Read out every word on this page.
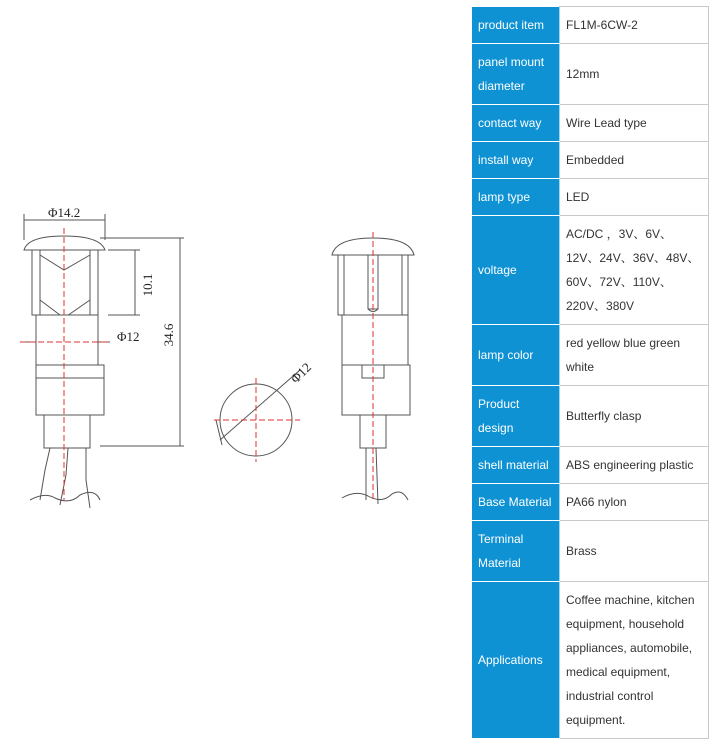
Φ14.2
Φ12
10.1
34.6
Φ12
product item	FL1M-6CW-2
panel mount diameter	12mm
contact way	Wire Lead type
install way	Embedded
lamp type	LED
voltage	AC/DC ，3V、6V、12V、24V、36V、48V、60V、72V、110V、220V、380V
lamp color	red yellow blue green white
Product design	Butterfly clasp
shell material	ABS engineering plastic
Base Material	PA66 nylon
Terminal Material	Brass
Applications	Coffee machine, kitchen equipment, household appliances, automobile, medical equipment, industrial control equipment.
